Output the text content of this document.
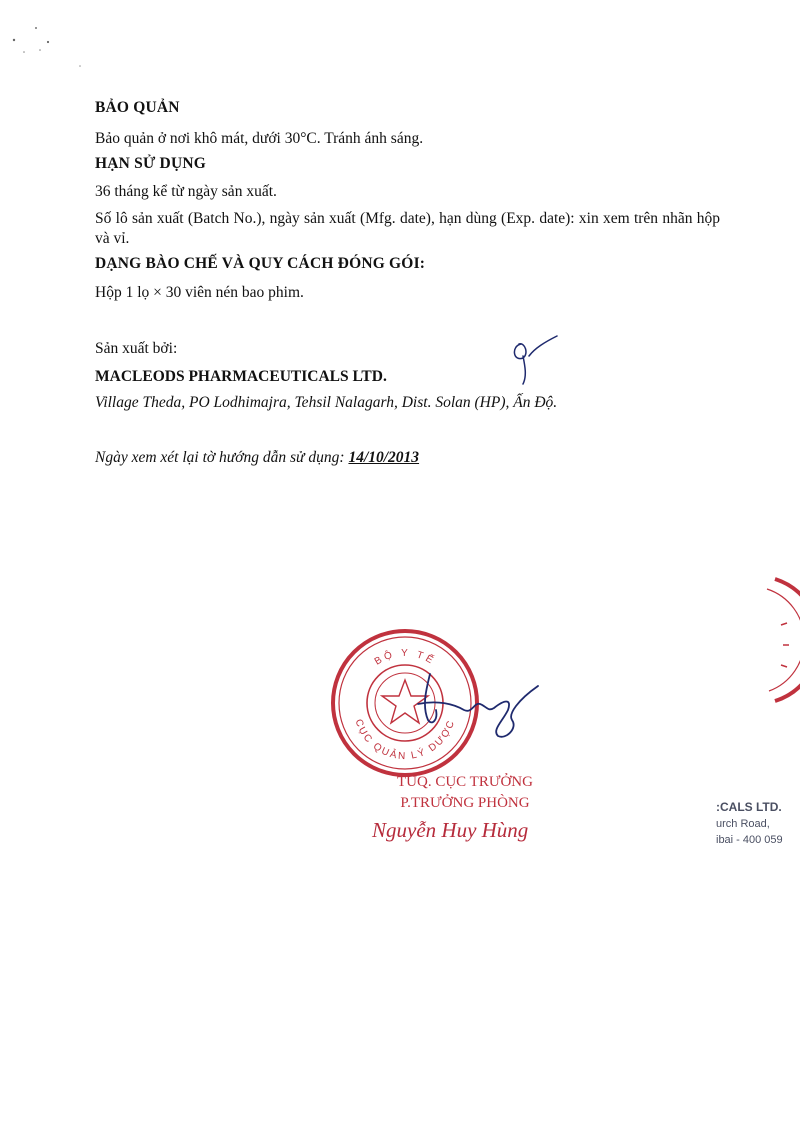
BẢO QUẢN
Bảo quản ở nơi khô mát, dưới 30°C. Tránh ánh sáng.
HẠN SỬ DỤNG
36 tháng kể từ ngày sản xuất.
Số lô sản xuất (Batch No.), ngày sản xuất (Mfg. date), hạn dùng (Exp. date): xin xem trên nhãn hộp và vỉ.
DẠNG BÀO CHẾ VÀ QUY CÁCH ĐÓNG GÓI:
Hộp 1 lọ × 30 viên nén bao phim.
Sản xuất bởi:
MACLEODS PHARMACEUTICALS LTD.
Village Theda, PO Lodhimajra, Tehsil Nalagarh, Dist. Solan (HP), Ấn Độ.
Ngày xem xét lại tờ hướng dẫn sử dụng: 14/10/2013
BỘ Y TẾ
CỤC QUẢN LÝ DƯỢC
TUQ. CỤC TRƯỞNG
P.TRƯỞNG PHÒNG
Nguyễn Huy Hùng
:CALS LTD.
urch Road,
ibai - 400 059
